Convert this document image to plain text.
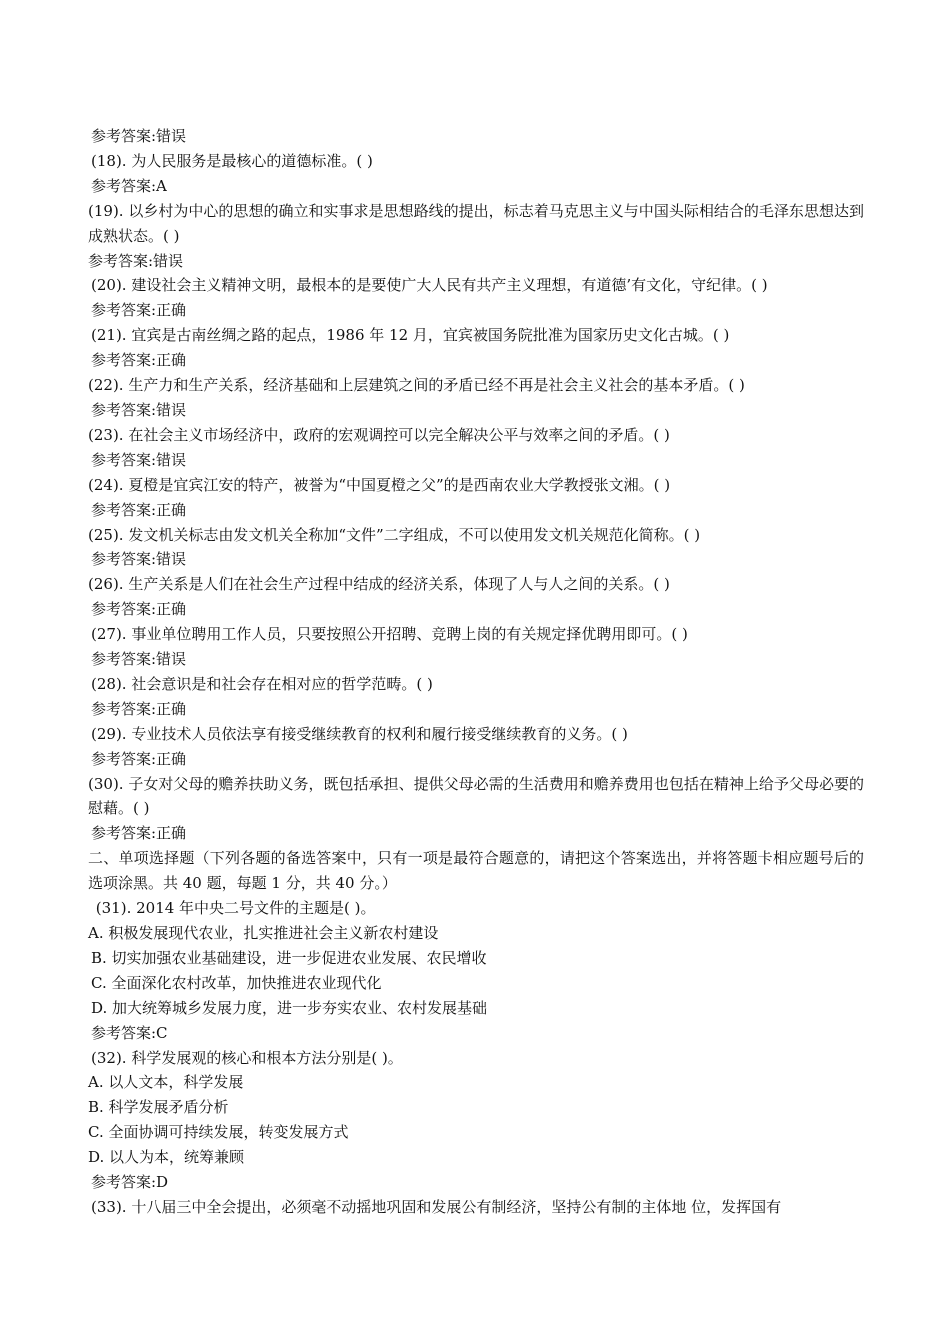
参考答案:错误
(18). 为人民服务是最核心的道德标准。( )
参考答案:A
(19). 以乡村为中心的思想的确立和实事求是思想路线的提出，标志着马克思主义与中国头际相结合的毛泽东思想达到成熟状态。( )
参考答案:错误
(20). 建设社会主义精神文明，最根本的是要使广大人民有共产主义理想，有道德’有文化，守纪律。( )
参考答案:正确
(21). 宜宾是古南丝绸之路的起点，1986 年 12 月，宜宾被国务院批准为国家历史文化古城。( )
参考答案:正确
(22). 生产力和生产关系，经济基础和上层建筑之间的矛盾已经不再是社会主义社会的基本矛盾。( )
参考答案:错误
(23). 在社会主义市场经济中，政府的宏观调控可以完全解决公平与效率之间的矛盾。( )
参考答案:错误
(24). 夏橙是宜宾江安的特产，被誉为“中国夏橙之父”的是西南农业大学教授张文湘。( )
参考答案:正确
(25). 发文机关标志由发文机关全称加“文件”二字组成，不可以使用发文机关规范化简称。( )
参考答案:错误
(26). 生产关系是人们在社会生产过程中结成的经济关系，体现了人与人之间的关系。( )
参考答案:正确
(27). 事业单位聘用工作人员，只要按照公开招聘、竞聘上岗的有关规定择优聘用即可。( )
参考答案:错误
(28). 社会意识是和社会存在相对应的哲学范畴。( )
参考答案:正确
(29). 专业技术人员依法享有接受继续教育的权利和履行接受继续教育的义务。( )
参考答案:正确
(30). 子女对父母的赡养扶助义务，既包括承担、提供父母必需的生活费用和赡养费用也包括在精神上给予父母必要的慰藉。( )
参考答案:正确
二、单项选择题（下列各题的备选答案中，只有一项是最符合题意的，请把这个答案选出，并将答题卡相应题号后的选项涂黑。共 40 题，每题 1 分，共 40 分。）
(31). 2014 年中央二号文件的主题是( )。
A. 积极发展现代农业，扎实推进社会主义新农村建设
B. 切实加强农业基础建设，进一步促进农业发展、农民增收
C. 全面深化农村改革，加快推进农业现代化
D. 加大统筹城乡发展力度，进一步夯实农业、农村发展基础
参考答案:C
(32). 科学发展观的核心和根本方法分别是( )。
A. 以人文本，科学发展
B. 科学发展矛盾分析
C. 全面协调可持续发展，转变发展方式
D. 以人为本，统筹兼顾
参考答案:D
(33). 十八届三中全会提出，必须毫不动摇地巩固和发展公有制经济，坚持公有制的主体地 位，发挥国有
